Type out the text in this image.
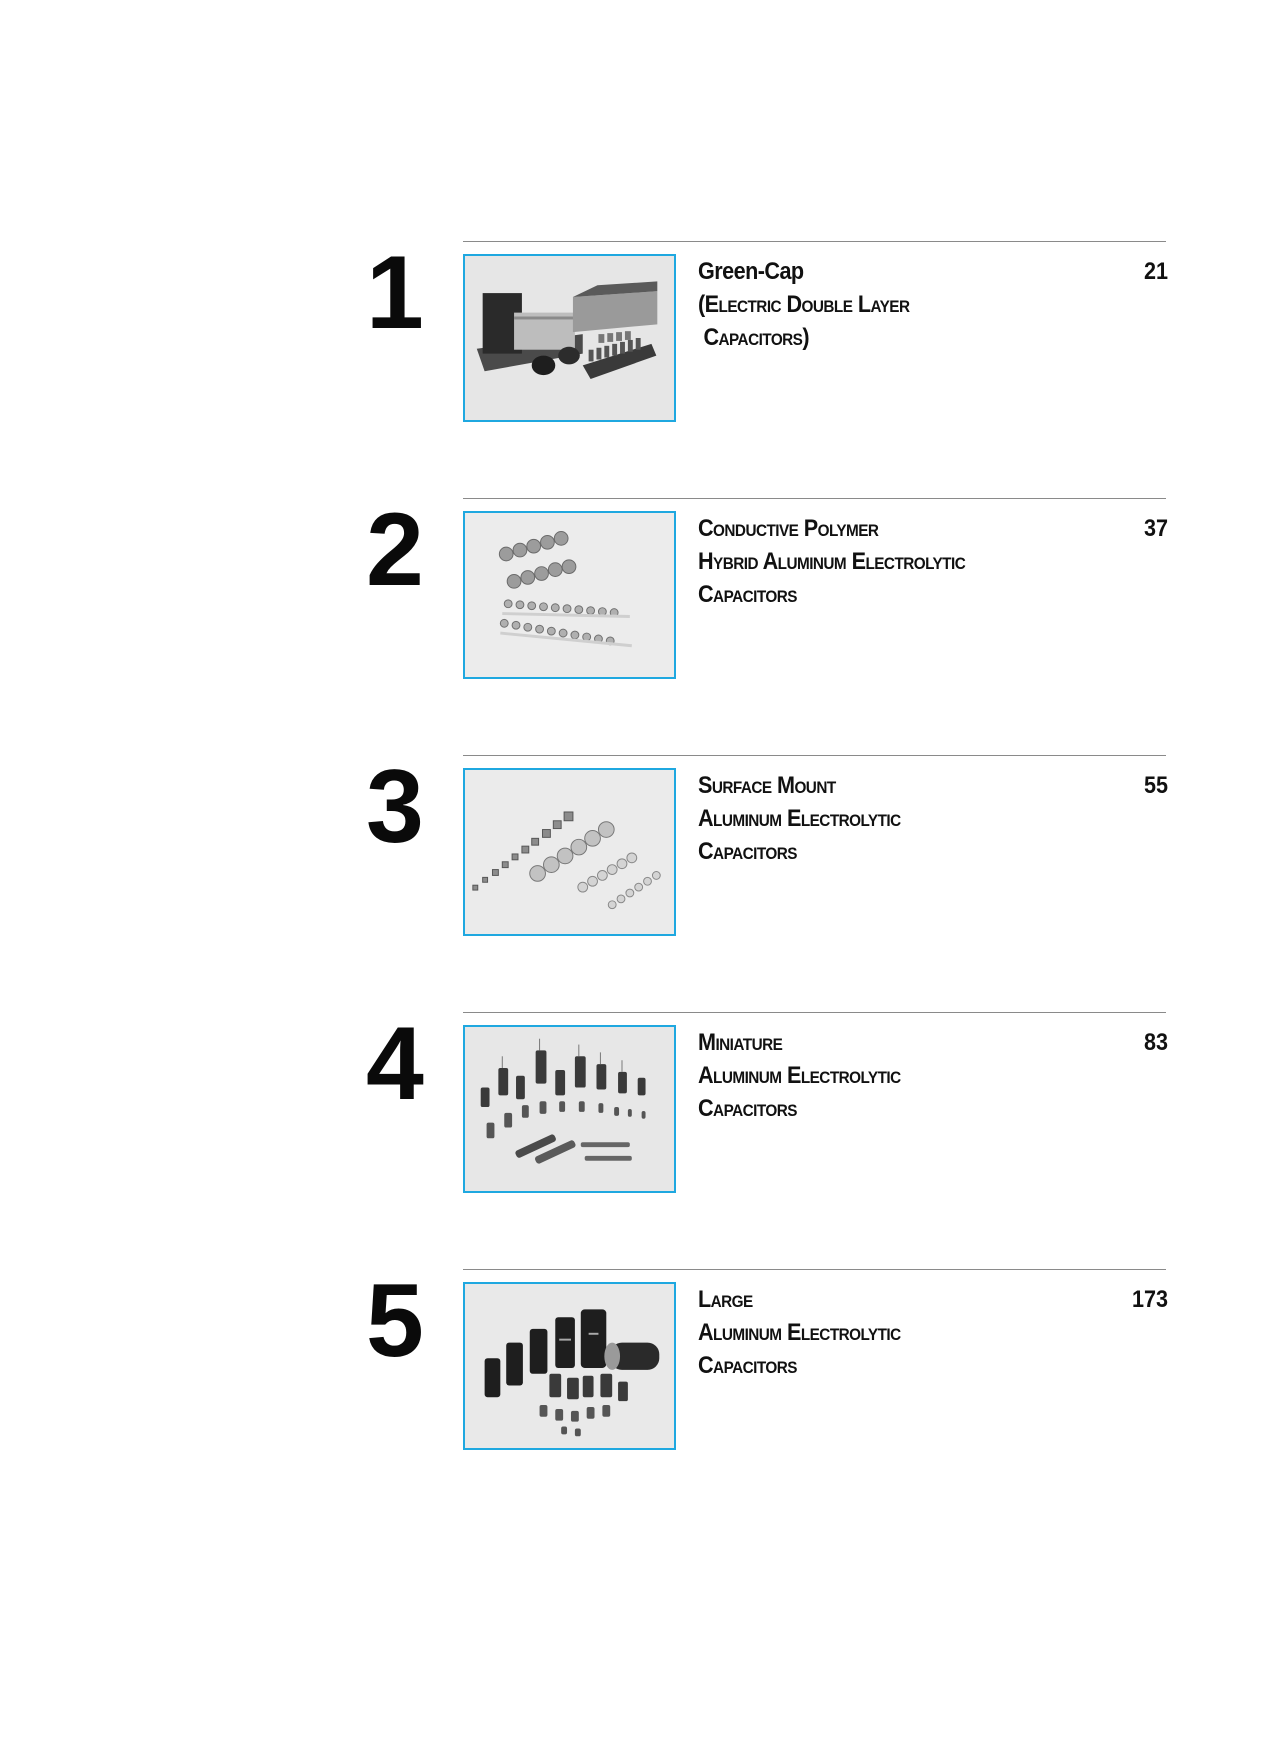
1	Green-Cap
(Electric Double Layer
Capacitors)
21
2	Conductive Polymer
Hybrid Aluminum Electrolytic
Capacitors
37
3	Surface Mount
Aluminum Electrolytic
Capacitors
55
4	Miniature
Aluminum Electrolytic
Capacitors
83
5	Large
Aluminum Electrolytic
Capacitors
173
